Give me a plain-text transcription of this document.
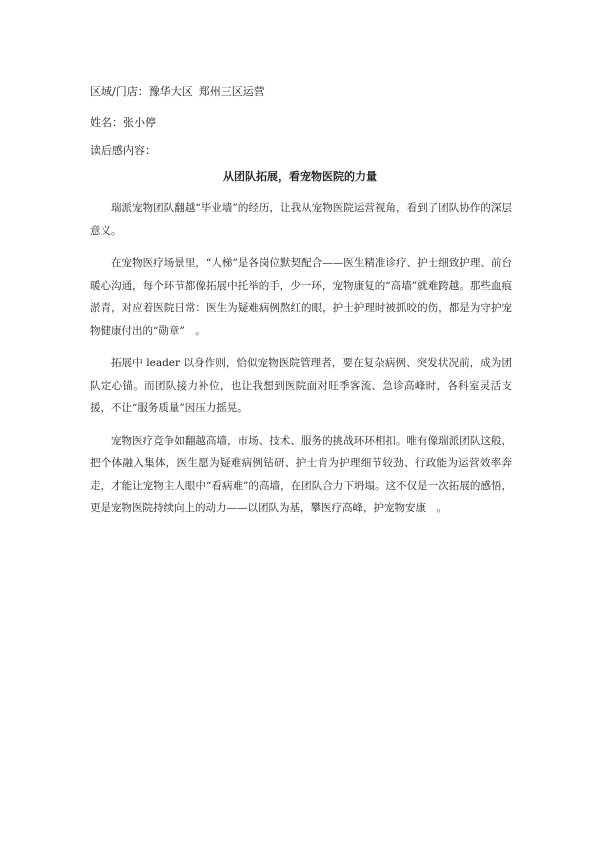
区域/门店：豫华大区 郑州三区运营
姓名：张小停
读后感内容：
从团队拓展，看宠物医院的力量

瑞派宠物团队翻越“毕业墙”的经历，让我从宠物医院运营视角，看到了团队协作的深层意义。

在宠物医疗场景里，“人梯”是各岗位默契配合——医生精准诊疗、护士细致护理、前台暖心沟通，每个环节都像拓展中托举的手，少一环，宠物康复的“高墙”就难跨越。那些血痕淤青，对应着医院日常：医生为疑难病例熬红的眼，护士护理时被抓咬的伤，都是为守护宠物健康付出的“勋章”　。

拓展中 leader 以身作则，恰似宠物医院管理者，要在复杂病例、突发状况前，成为团队定心锚。而团队接力补位，也让我想到医院面对旺季客流、急诊高峰时，各科室灵活支援，不让“服务质量”因压力摇晃。

宠物医疗竞争如翻越高墙，市场、技术、服务的挑战环环相扣。唯有像瑞派团队这般，把个体融入集体，医生愿为疑难病例钻研、护士肯为护理细节较劲、行政能为运营效率奔走，才能让宠物主人眼中“看病难”的高墙，在团队合力下坍塌。这不仅是一次拓展的感悟，更是宠物医院持续向上的动力——以团队为基，攀医疗高峰，护宠物安康　。
